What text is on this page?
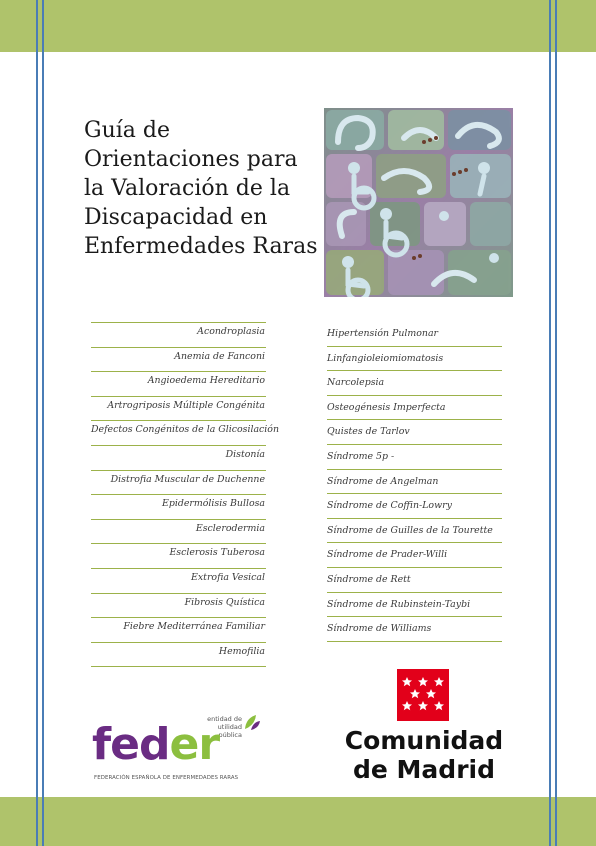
Guía de Orientaciones para la Valoración de la Discapacidad en Enfermedades Raras
Acondroplasia
Anemia de Fanconi
Angioedema Hereditario
Artrogriposis Múltiple Congénita
Defectos Congénitos de la Glicosilación
Distonía
Distrofia Muscular de Duchenne
Epidermólisis Bullosa
Esclerodermia
Esclerosis Tuberosa
Extrofia Vesical
Fibrosis Quística
Fiebre Mediterránea Familiar
Hemofilia
Hipertensión Pulmonar
Linfangioleiomiomatosis
Narcolepsia
Osteogénesis Imperfecta
Quistes de Tarlov
Síndrome 5p -
Síndrome de Angelman
Síndrome de Coffin-Lowry
Síndrome de Guilles de la Tourette
Síndrome de Prader-Willi
Síndrome de Rett
Síndrome de Rubinstein-Taybi
Síndrome de Williams
entidad de utilidad pública
feder
FEDERACIÓN ESPAÑOLA DE ENFERMEDADES RARAS
Comunidad de Madrid
